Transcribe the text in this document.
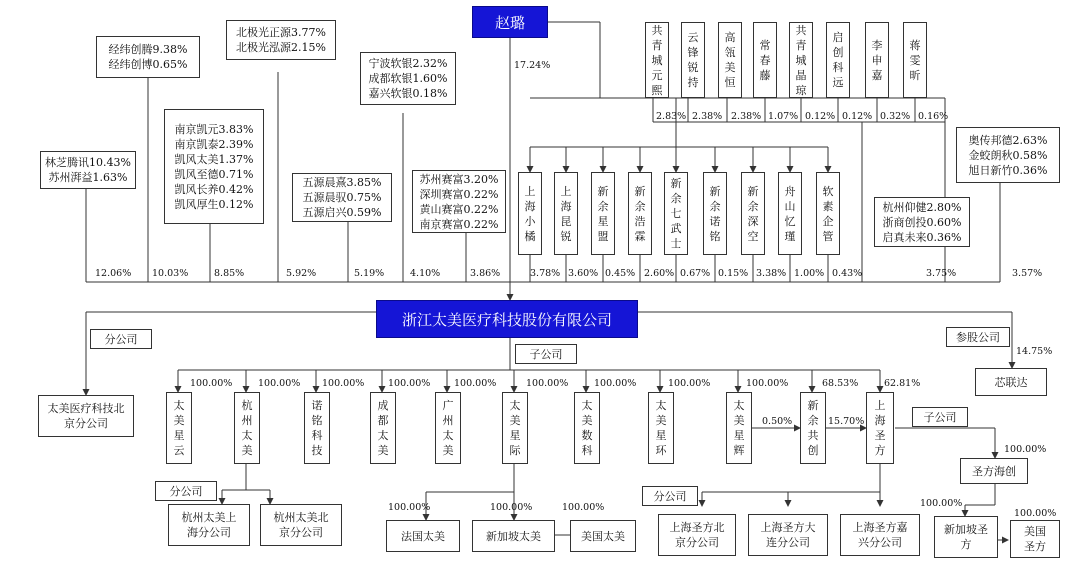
赵璐
浙江太美医疗科技股份有限公司
17.24%
林芝腾讯10.43%
苏州湃益1.63%
经纬创腾9.38%
经纬创博0.65%
南京凯元3.83%
南京凯泰2.39%
凯风太美1.37%
凯风至德0.71%
凯风长养0.42%
凯风厚生0.12%
北极光正源3.77%
北极光泓源2.15%
五源晨熹3.85%
五源晨驭0.75%
五源启兴0.59%
宁波软银2.32%
成都软银1.60%
嘉兴软银0.18%
苏州赛富3.20%
深圳赛富0.22%
黄山赛富0.22%
南京赛富0.22%
杭州仰健2.80%
浙商创投0.60%
启真未来0.36%
奥传邦德2.63%
金蛟朗秋0.58%
旭日新竹0.36%
12.06% 10.03%	8.85%	5.92%	5.19%	4.10%	3.86%	3.75%	3.57%
上海小橘
上海昆锐
新余星盟
新余浩霖
新余七武士
新余诺铭
新余深空
舟山忆瑾
软素企管
3.78% 3.60% 0.45% 2.60% 0.67% 0.15% 3.38% 1.00% 0.43%
共青城元熙
云锋锐持
高瓴美恒
常春藤
共青城晶琼
启创科远
李申嘉
蒋雯昕
2.83% 2.38% 2.38% 1.07% 0.12% 0.12% 0.32% 0.16%
分公司
子公司
参股公司
14.75%
太美医疗科技北京分公司
芯联达
100.00%	100.00% 100.00% 100.00% 100.00%	100.00%	100.00%	100.00%	100.00%	68.53%	62.81%
太美星云
杭州太美
诺铭科技
成都太美
广州太美
太美星际
太美数科
太美星环
太美星辉
新余共创
上海圣方
0.50%	15.70%
分公司
杭州太美上海分公司
杭州太美北京分公司
100.00%	100.00%	100.00%
法国太美	新加坡太美	美国太美
分公司
上海圣方北京分公司
上海圣方大连分公司
上海圣方嘉兴分公司
子公司
100.00%
圣方海创
100.00%
100.00%
新加坡圣方
美国圣方
